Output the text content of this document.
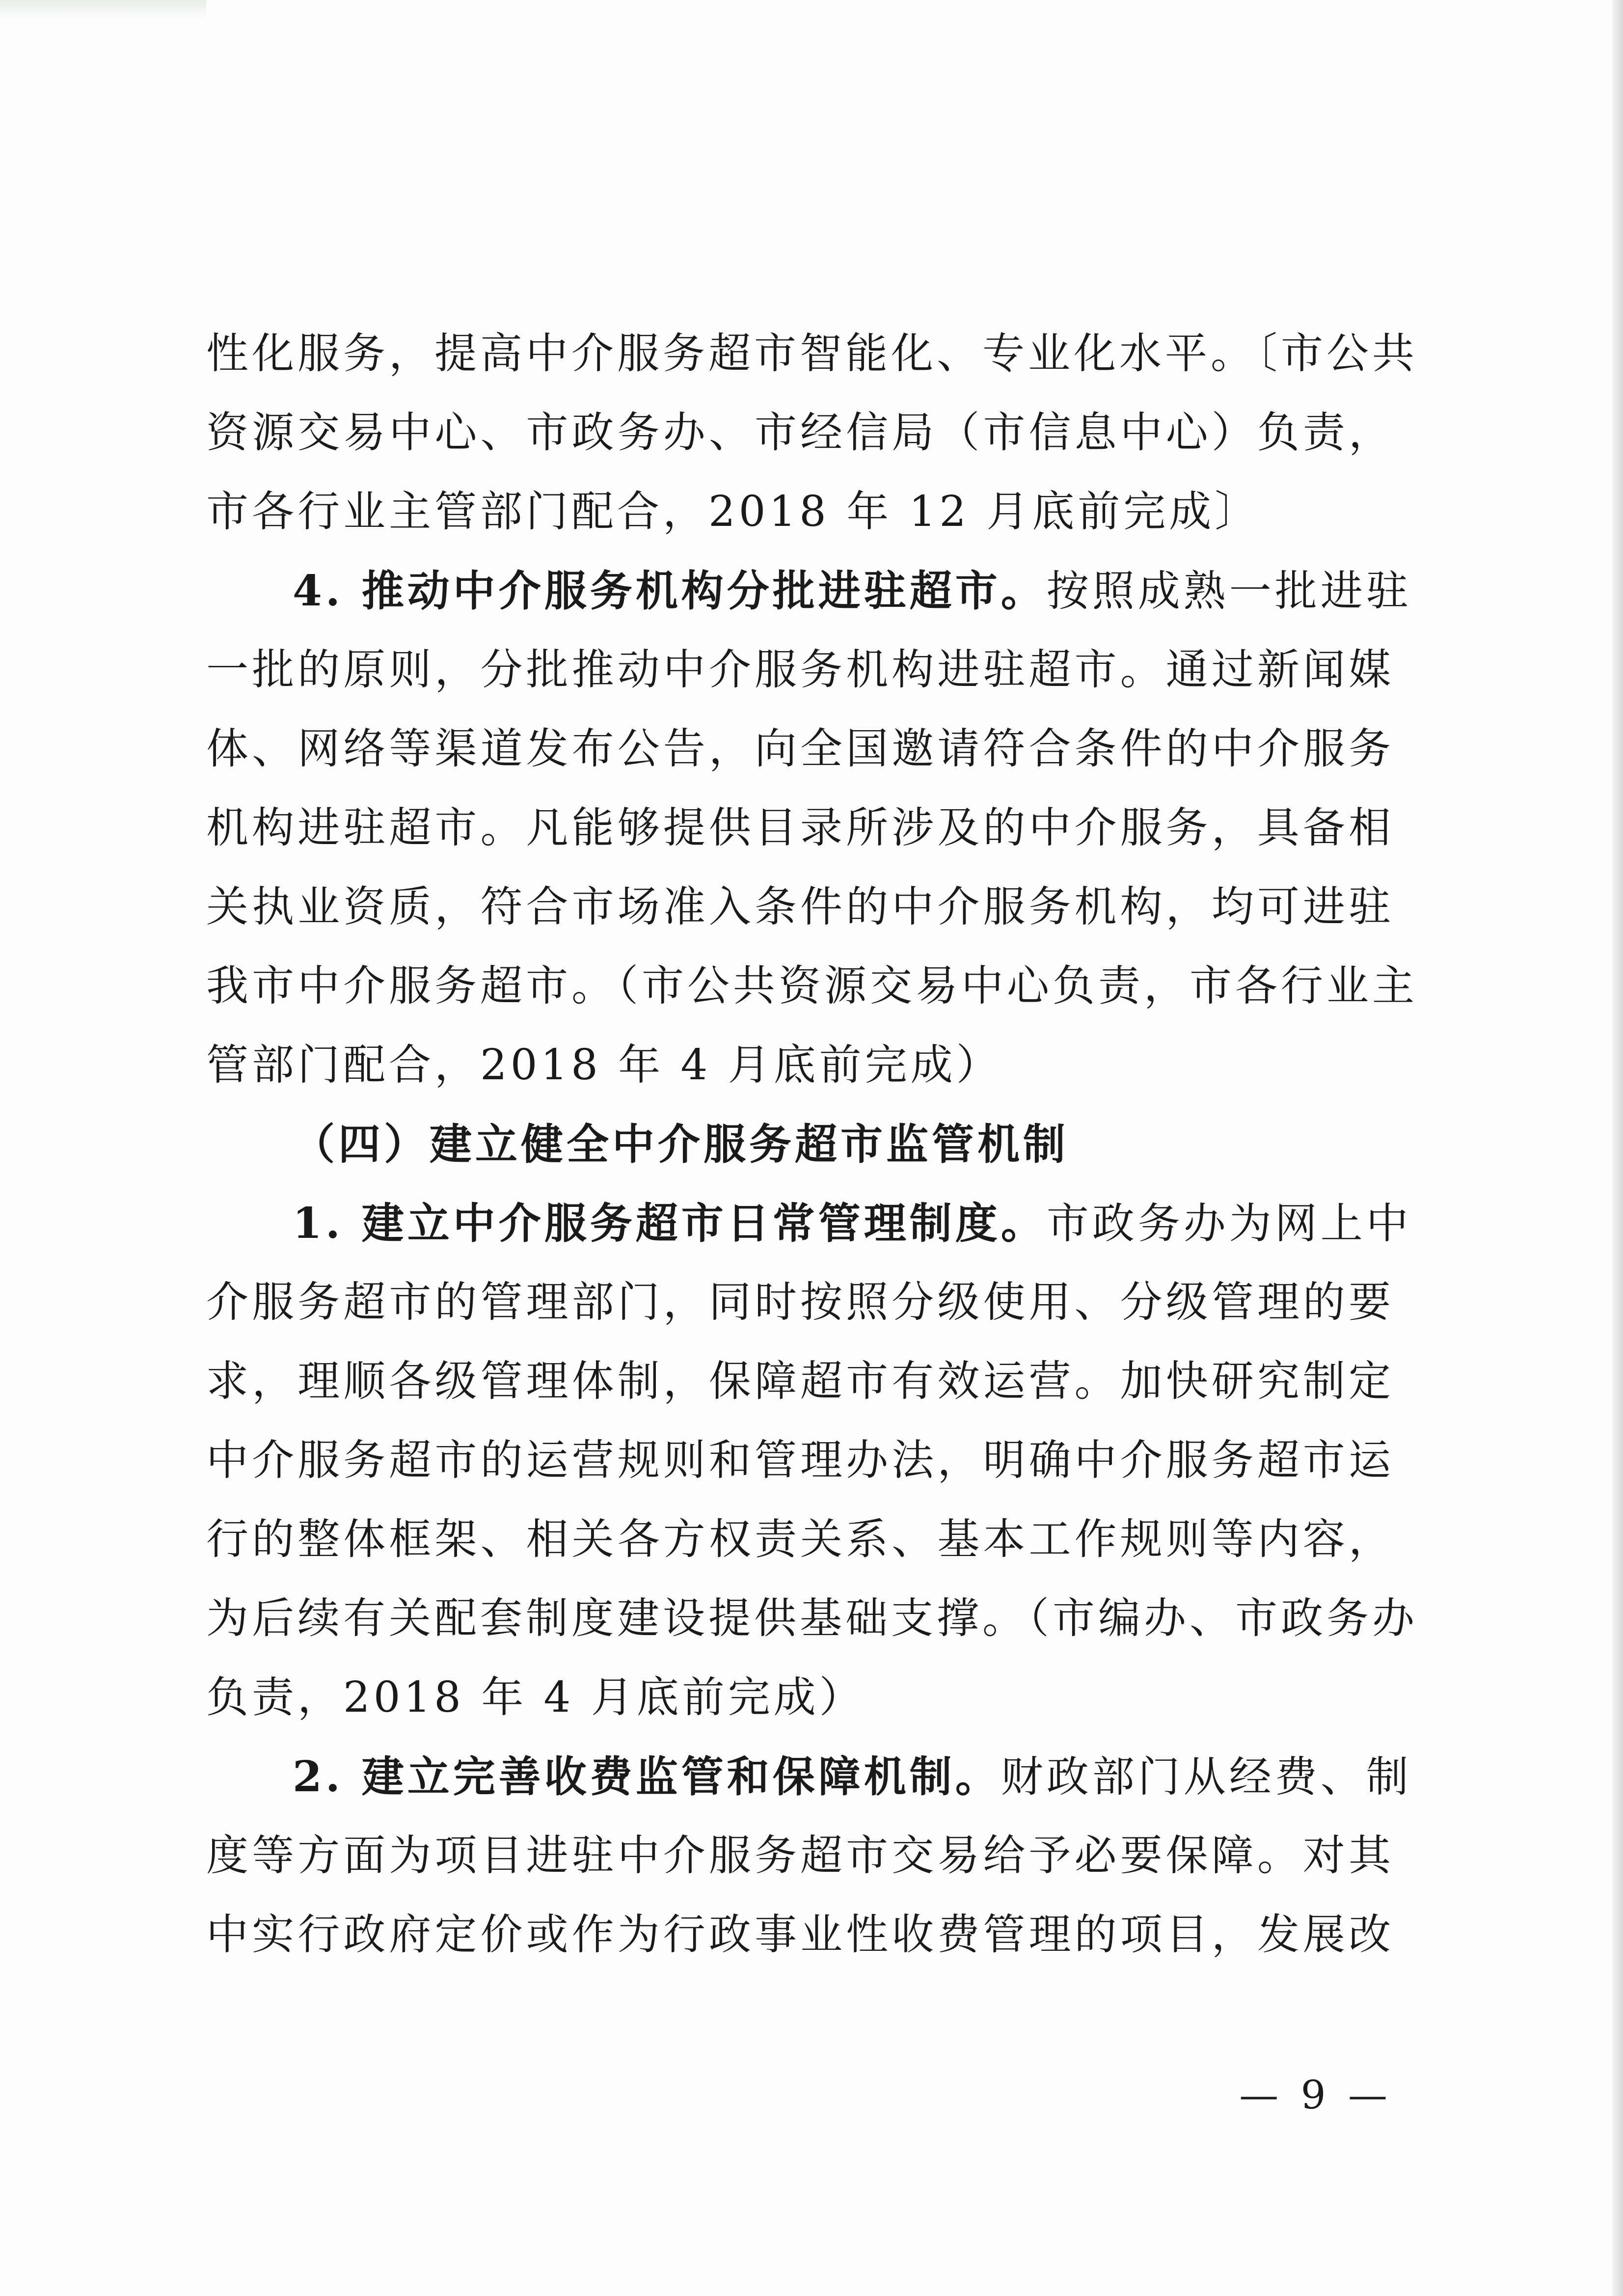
性化服务，提高中介服务超市智能化、专业化水平。〔市公共
资源交易中心、市政务办、市经信局（市信息中心）负责，
市各行业主管部门配合，2018 年 12 月底前完成〕
4. 推动中介服务机构分批进驻超市。按照成熟一批进驻
一批的原则，分批推动中介服务机构进驻超市。通过新闻媒
体、网络等渠道发布公告，向全国邀请符合条件的中介服务
机构进驻超市。凡能够提供目录所涉及的中介服务，具备相
关执业资质，符合市场准入条件的中介服务机构，均可进驻
我市中介服务超市。（市公共资源交易中心负责，市各行业主
管部门配合，2018 年 4 月底前完成）
（四）建立健全中介服务超市监管机制
1. 建立中介服务超市日常管理制度。市政务办为网上中
介服务超市的管理部门，同时按照分级使用、分级管理的要
求，理顺各级管理体制，保障超市有效运营。加快研究制定
中介服务超市的运营规则和管理办法，明确中介服务超市运
行的整体框架、相关各方权责关系、基本工作规则等内容，
为后续有关配套制度建设提供基础支撑。（市编办、市政务办
负责，2018 年 4 月底前完成）
2. 建立完善收费监管和保障机制。财政部门从经费、制
度等方面为项目进驻中介服务超市交易给予必要保障。对其
中实行政府定价或作为行政事业性收费管理的项目，发展改
— 9 —
